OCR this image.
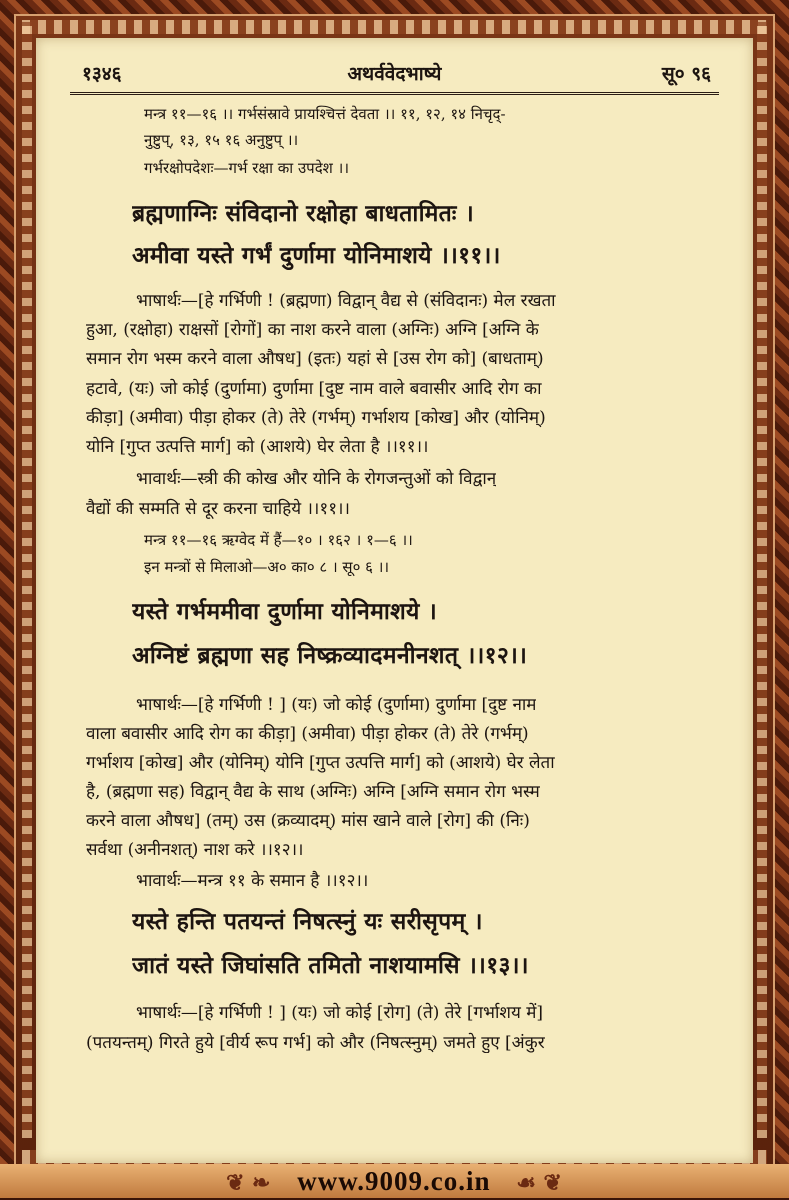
१३४६	अथर्ववेदभाष्ये	सू० ९६
मन्त्र ११—१६ ।। गर्भसंस्रावे प्रायश्चित्तं देवता ।। ११, १२, १४ निचृद्-
नुष्टुप्, १३, १५ १६ अनुष्टुप् ।।
गर्भरक्षोपदेशः—गर्भ रक्षा का उपदेश ।।
ब्रह्मणाग्निः संविदानो रक्षोहा बाधतामितः ।
अमीवा यस्ते गर्भं दुर्णामा योनिमाशये ।।११।।
भाषार्थः—[हे गर्भिणी ! (ब्रह्मणा) विद्वान् वैद्य से (संविदानः) मेल रखता
हुआ, (रक्षोहा) राक्षसों [रोगों] का नाश करने वाला (अग्निः) अग्नि [अग्नि के
समान रोग भस्म करने वाला औषध] (इतः) यहां से [उस रोग को] (बाधताम्)
हटावे, (यः) जो कोई (दुर्णामा) दुर्णामा [दुष्ट नाम वाले बवासीर आदि रोग का
कीड़ा] (अमीवा) पीड़ा होकर (ते) तेरे (गर्भम्) गर्भाशय [कोख] और (योनिम्)
योनि [गुप्त उत्पत्ति मार्ग] को (आशये) घेर लेता है ।।११।।
भावार्थः—स्त्री की कोख और योनि के रोगजन्तुओं को विद्वान्
वैद्यों की सम्मति से दूर करना चाहिये ।।११।।
मन्त्र ११—१६ ऋग्वेद में हैं—१० । १६२ । १—६ ।।
इन मन्त्रों से मिलाओ—अ० का० ८ । सू० ६ ।।
यस्ते गर्भममीवा दुर्णामा योनिमाशये ।
अग्निष्टं ब्रह्मणा सह निष्क्रव्यादमनीनशत् ।।१२।।
भाषार्थः—[हे गर्भिणी ! ] (यः) जो कोई (दुर्णामा) दुर्णामा [दुष्ट नाम
वाला बवासीर आदि रोग का कीड़ा] (अमीवा) पीड़ा होकर (ते) तेरे (गर्भम्)
गर्भाशय [कोख] और (योनिम्) योनि [गुप्त उत्पत्ति मार्ग] को (आशये) घेर लेता
है, (ब्रह्मणा सह) विद्वान् वैद्य के साथ (अग्निः) अग्नि [अग्नि समान रोग भस्म
करने वाला औषध] (तम्) उस (क्रव्यादम्) मांस खाने वाले [रोग] की (निः)
सर्वथा (अनीनशत्) नाश करे ।।१२।।
भावार्थः—मन्त्र ११ के समान है ।।१२।।
यस्ते हन्ति पतयन्तं निषत्स्नुं यः सरीसृपम् ।
जातं यस्ते जिघांसति तमितो नाशयामसि ।।१३।।
भाषार्थः—[हे गर्भिणी ! ] (यः) जो कोई [रोग] (ते) तेरे [गर्भाशय में]
(पतयन्तम्) गिरते हुये [वीर्य रूप गर्भ] को और (निषत्स्नुम्) जमते हुए [अंकुर
❦ ❧ www.9009.co.in ☙ ❦
